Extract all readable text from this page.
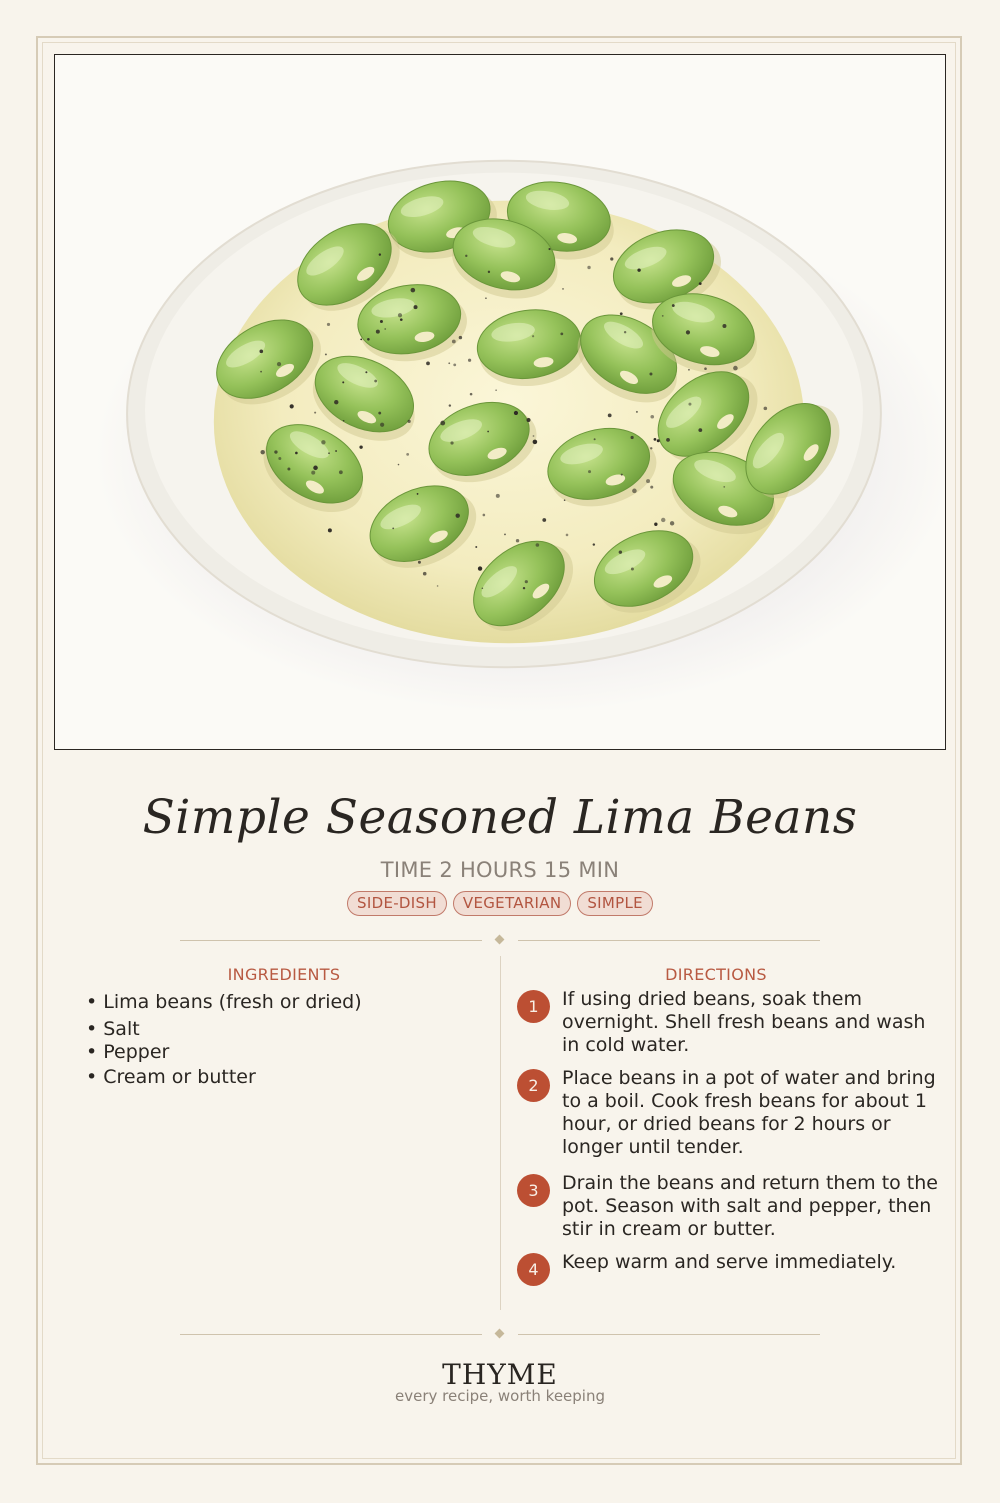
Simple Seasoned Lima Beans
TIME 2 HOURS 15 MIN
SIDE-DISH VEGETARIAN SIMPLE
INGREDIENTS
• Lima beans (fresh or dried)
• Salt
• Pepper
• Cream or butter
DIRECTIONS
1	If using dried beans, soak them overnight. Shell fresh beans and wash in cold water.
2	Place beans in a pot of water and bring to a boil. Cook fresh beans for about 1 hour, or dried beans for 2 hours or longer until tender.
3	Drain the beans and return them to the pot. Season with salt and pepper, then stir in cream or butter.
4	Keep warm and serve immediately.
THYME
every recipe, worth keeping
